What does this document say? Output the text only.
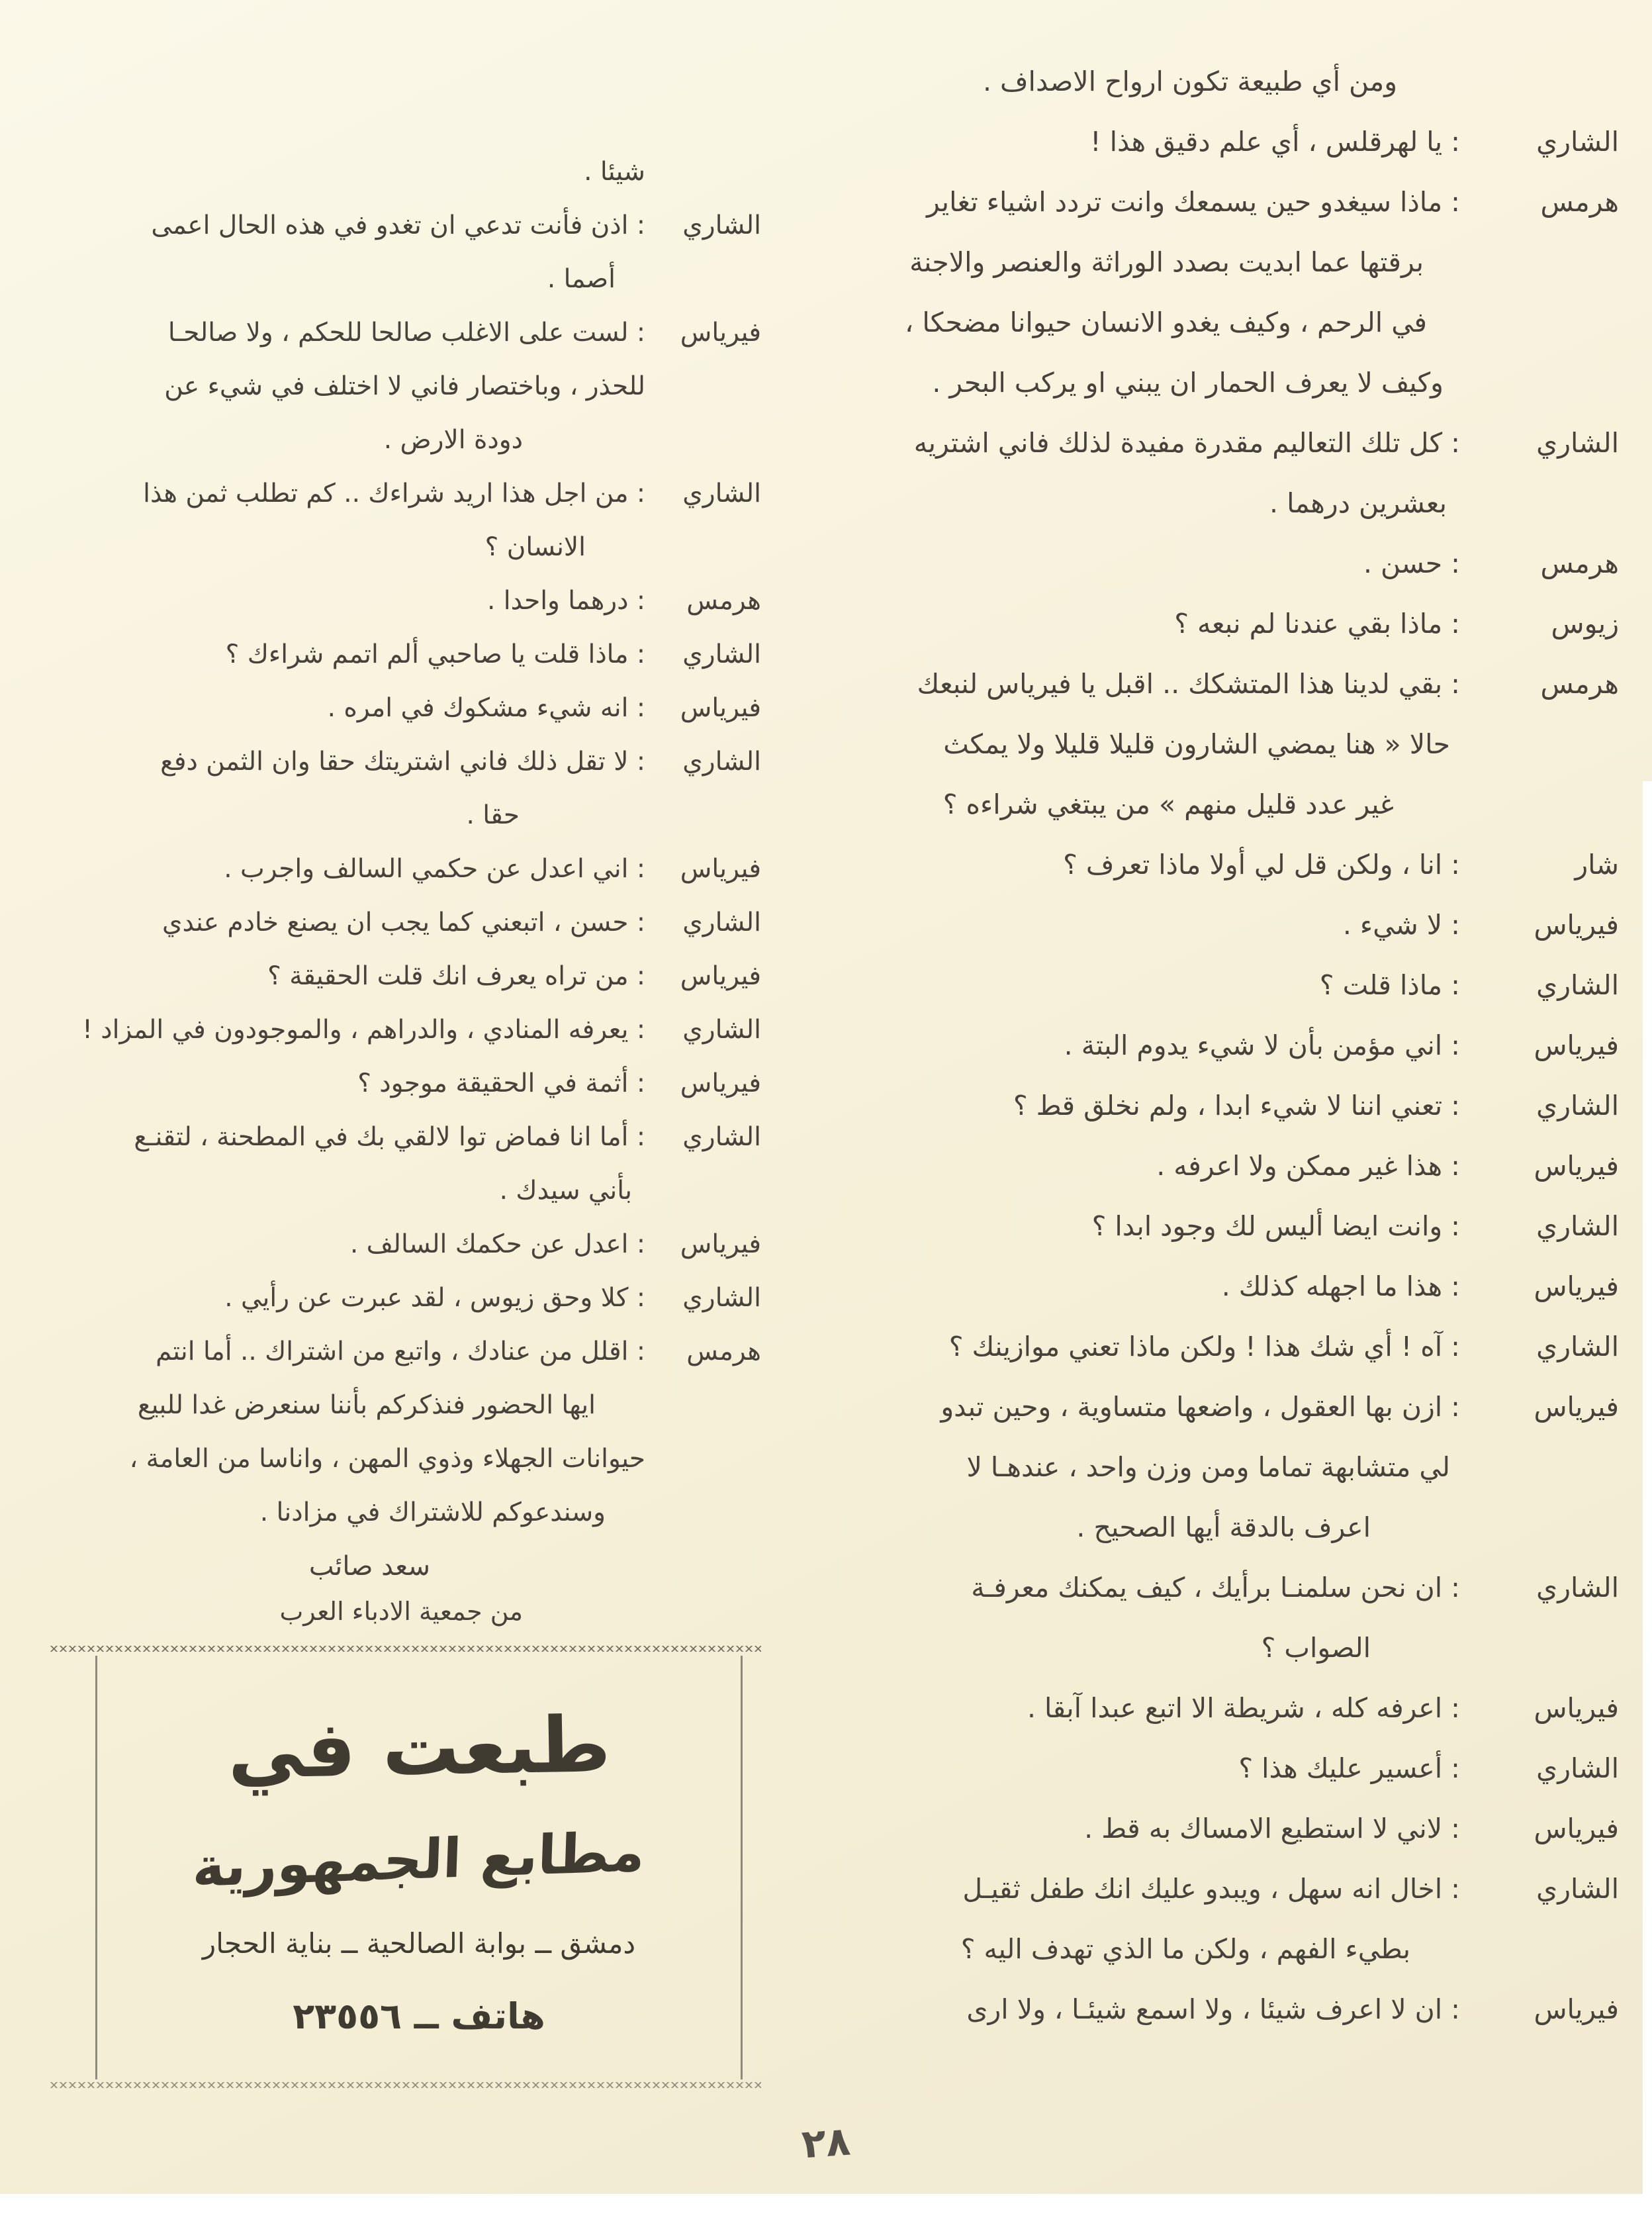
ومن أي طبيعة تكون ارواح الاصداف .
الشاري
: يا لهرقلس ، أي علم دقيق هذا !
هرمس
: ماذا سيغدو حين يسمعك وانت تردد اشياء تغاير
برقتها عما ابديت بصدد الوراثة والعنصر والاجنة
في الرحم ، وكيف يغدو الانسان حيوانا مضحكا ،
وكيف لا يعرف الحمار ان يبني او يركب البحر .
الشاري
: كل تلك التعاليم مقدرة مفيدة لذلك فاني اشتريه
بعشرين درهما .
هرمس
: حسن .
زيوس
: ماذا بقي عندنا لم نبعه ؟
هرمس
: بقي لدينا هذا المتشكك .. اقبل يا فيرياس لنبعك
حالا « هنا يمضي الشارون قليلا قليلا ولا يمكث
غير عدد قليل منهم » من يبتغي شراءه ؟
شار
: انا ، ولكن قل لي أولا ماذا تعرف ؟
فيرياس
: لا شيء .
الشاري
: ماذا قلت ؟
فيرياس
: اني مؤمن بأن لا شيء يدوم البتة .
الشاري
: تعني اننا لا شيء ابدا ، ولم نخلق قط ؟
فيرياس
: هذا غير ممكن ولا اعرفه .
الشاري
: وانت ايضا أليس لك وجود ابدا ؟
فيرياس
: هذا ما اجهله كذلك .
الشاري
: آه ! أي شك هذا ! ولكن ماذا تعني موازينك ؟
فيرياس
: ازن بها العقول ، واضعها متساوية ، وحين تبدو
لي متشابهة تماما ومن وزن واحد ، عندهـا لا
اعرف بالدقة أيها الصحيح .
الشاري
: ان نحن سلمنـا برأيك ، كيف يمكنك معرفـة
الصواب ؟
فيرياس
: اعرفه كله ، شريطة الا اتبع عبدا آبقا .
الشاري
: أعسير عليك هذا ؟
فيرياس
: لاني لا استطيع الامساك به قط .
الشاري
: اخال انه سهل ، ويبدو عليك انك طفل ثقيـل
بطيء الفهم ، ولكن ما الذي تهدف اليه ؟
فيرياس
: ان لا اعرف شيئا ، ولا اسمع شيئـا ، ولا ارى
شيئا .
الشاري
: اذن فأنت تدعي ان تغدو في هذه الحال اعمى
أصما .
فيرياس
: لست على الاغلب صالحا للحكم ، ولا صالحـا
للحذر ، وباختصار فاني لا اختلف في شيء عن
دودة الارض .
الشاري
: من اجل هذا اريد شراءك .. كم تطلب ثمن هذا
الانسان ؟
هرمس
: درهما واحدا .
الشاري
: ماذا قلت يا صاحبي ألم اتمم شراءك ؟
فيرياس
: انه شيء مشكوك في امره .
الشاري
: لا تقل ذلك فاني اشتريتك حقا وان الثمن دفع
حقا .
فيرياس
: اني اعدل عن حكمي السالف واجرب .
الشاري
: حسن ، اتبعني كما يجب ان يصنع خادم عندي
فيرياس
: من تراه يعرف انك قلت الحقيقة ؟
الشاري
: يعرفه المنادي ، والدراهم ، والموجودون في المزاد !
فيرياس
: أثمة في الحقيقة موجود ؟
الشاري
: أما انا فماض توا لالقي بك في المطحنة ، لتقنـع
بأني سيدك .
فيرياس
: اعدل عن حكمك السالف .
الشاري
: كلا وحق زيوس ، لقد عبرت عن رأيي .
هرمس
: اقلل من عنادك ، واتبع من اشتراك .. أما انتم
ايها الحضور فنذكركم بأننا سنعرض غدا للبيع
حيوانات الجهلاء وذوي المهن ، واناسا من العامة ،
وسندعوكم للاشتراك في مزادنا .
سعد صائب
من جمعية الادباء العرب
طبعت في
مطابع الجمهورية
دمشق ــ بوابة الصالحية ــ بناية الحجار
هاتف ــ ٢٣٥٥٦
٢٨
